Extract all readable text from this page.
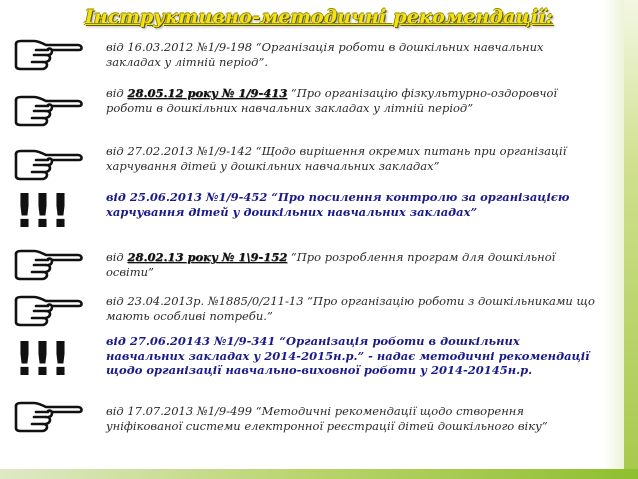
Інструктивно-методичні рекомендації:
!!!
!!!

від 16.03.2012 №1/9-198 “Організація роботи в дошкільних навчальних закладах у літній період”.

від 28.05.12 року № 1/9-413 “Про організацію фізкультурно-оздоровчої роботи в дошкільних навчальних закладах у літній період”

від 27.02.2013 №1/9-142 “Щодо вирішення окремих питань при організації харчування дітей у дошкільних навчальних закладах”

від 25.06.2013 №1/9-452 “Про посилення контролю за організацією харчування дітей у дошкільних навчальних закладах”

від 28.02.13 року № 1\9-152 “Про розроблення програм для дошкільної освіти”

від 23.04.2013р. №1885/0/211-13 “Про організацію роботи з дошкільниками що мають особливі потреби.”

від 27.06.20143 №1/9-341 “Організація роботи в дошкільних навчальних закладах у 2014-2015н.р.” - надає методичні рекомендації щодо організації навчально-виховної роботи у 2014-20145н.р.

від 17.07.2013 №1/9-499 “Методичні рекомендації щодо створення уніфікованої системи електронної реєстрації дітей дошкільного віку”
